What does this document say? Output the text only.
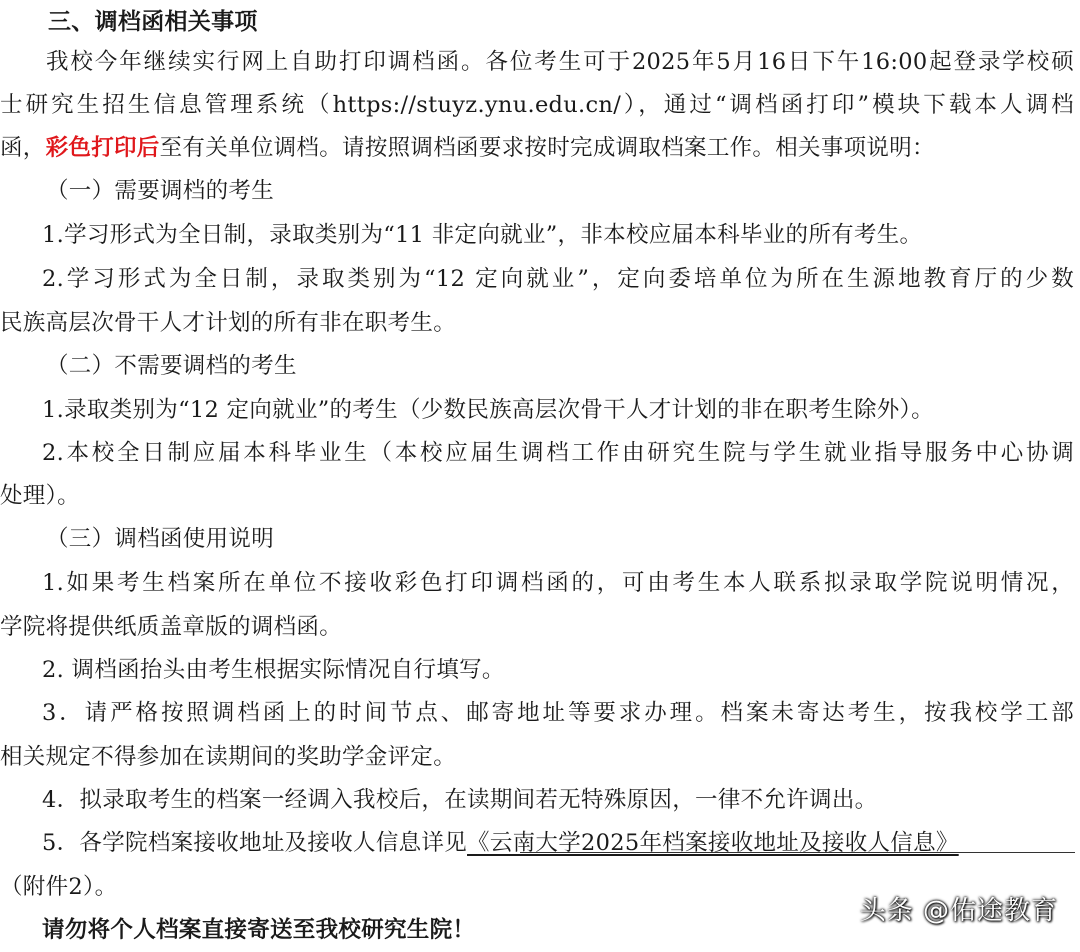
三、调档函相关事项
我校今年继续实行网上自助打印调档函。各位考生可于2025年5月16日下午16:00起登录学校硕
士研究生招生信息管理系统（https://stuyz.ynu.edu.cn/），通过“调档函打印”模块下载本人调档
函，彩色打印后至有关单位调档。请按照调档函要求按时完成调取档案工作。相关事项说明：
（一）需要调档的考生
1.学习形式为全日制，录取类别为“11 非定向就业”，非本校应届本科毕业的所有考生。
2.学习形式为全日制，录取类别为“12 定向就业”，定向委培单位为所在生源地教育厅的少数
民族高层次骨干人才计划的所有非在职考生。
（二）不需要调档的考生
1.录取类别为“12 定向就业”的考生（少数民族高层次骨干人才计划的非在职考生除外）。
2.本校全日制应届本科毕业生（本校应届生调档工作由研究生院与学生就业指导服务中心协调
处理）。
（三）调档函使用说明
1.如果考生档案所在单位不接收彩色打印调档函的，可由考生本人联系拟录取学院说明情况，
学院将提供纸质盖章版的调档函。
2. 调档函抬头由考生根据实际情况自行填写。
3．请严格按照调档函上的时间节点、邮寄地址等要求办理。档案未寄达考生，按我校学工部
相关规定不得参加在读期间的奖助学金评定。
4．拟录取考生的档案一经调入我校后，在读期间若无特殊原因，一律不允许调出。
5．各学院档案接收地址及接收人信息详见《云南大学2025年档案接收地址及接收人信息》
（附件2）。
请勿将个人档案直接寄送至我校研究生院！
头条 @佑途教育
